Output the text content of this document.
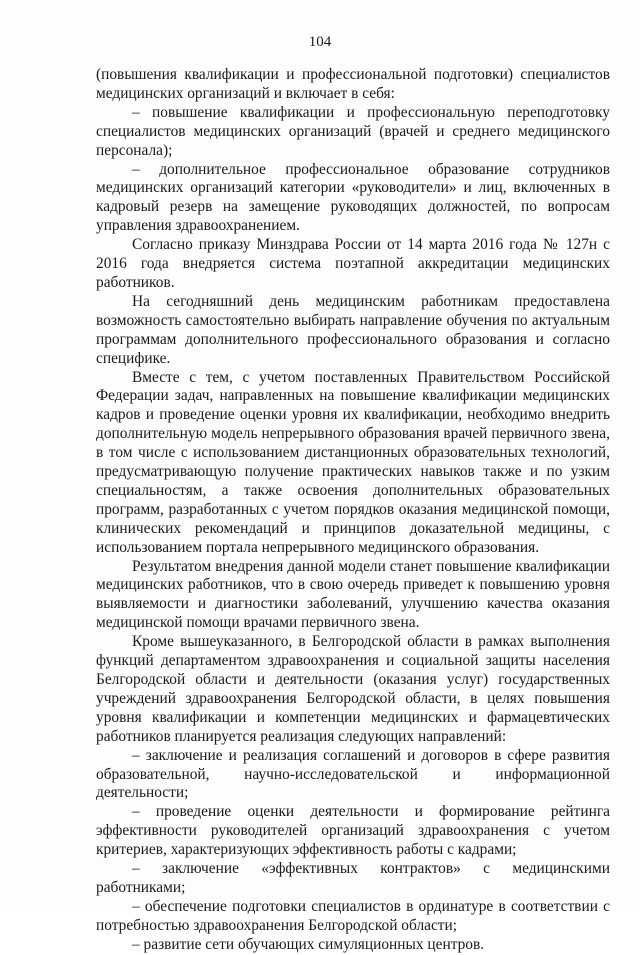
104

(повышения квалификации и профессиональной подготовки) специалистов медицинских организаций и включает в себя:

– повышение квалификации и профессиональную переподготовку специалистов медицинских организаций (врачей и среднего медицинского персонала);

– дополнительное профессиональное образование сотрудников медицинских организаций категории «руководители» и лиц, включенных в кадровый резерв на замещение руководящих должностей, по вопросам управления здравоохранением.

Согласно приказу Минздрава России от 14 марта 2016 года № 127н с 2016 года внедряется система поэтапной аккредитации медицинских работников.

На сегодняшний день медицинским работникам предоставлена возможность самостоятельно выбирать направление обучения по актуальным программам дополнительного профессионального образования и согласно специфике.

Вместе с тем, с учетом поставленных Правительством Российской Федерации задач, направленных на повышение квалификации медицинских кадров и проведение оценки уровня их квалификации, необходимо внедрить дополнительную модель непрерывного образования врачей первичного звена, в том числе с использованием дистанционных образовательных технологий, предусматривающую получение практических навыков также и по узким специальностям, а также освоения дополнительных образовательных программ, разработанных с учетом порядков оказания медицинской помощи, клинических рекомендаций и принципов доказательной медицины, с использованием портала непрерывного медицинского образования.

Результатом внедрения данной модели станет повышение квалификации медицинских работников, что в свою очередь приведет к повышению уровня выявляемости и диагностики заболеваний, улучшению качества оказания медицинской помощи врачами первичного звена.

Кроме вышеуказанного, в Белгородской области в рамках выполнения функций департаментом здравоохранения и социальной защиты населения Белгородской области и деятельности (оказания услуг) государственных учреждений здравоохранения Белгородской области, в целях повышения уровня квалификации и компетенции медицинских и фармацевтических работников планируется реализация следующих направлений:

– заключение и реализация соглашений и договоров в сфере развития образовательной, научно-исследовательской и информационной деятельности;

– проведение оценки деятельности и формирование рейтинга эффективности руководителей организаций здравоохранения с учетом критериев, характеризующих эффективность работы с кадрами;

– заключение «эффективных контрактов» с медицинскими работниками;

– обеспечение подготовки специалистов в ординатуре в соответствии с потребностью здравоохранения Белгородской области;

– развитие сети обучающих симуляционных центров.
